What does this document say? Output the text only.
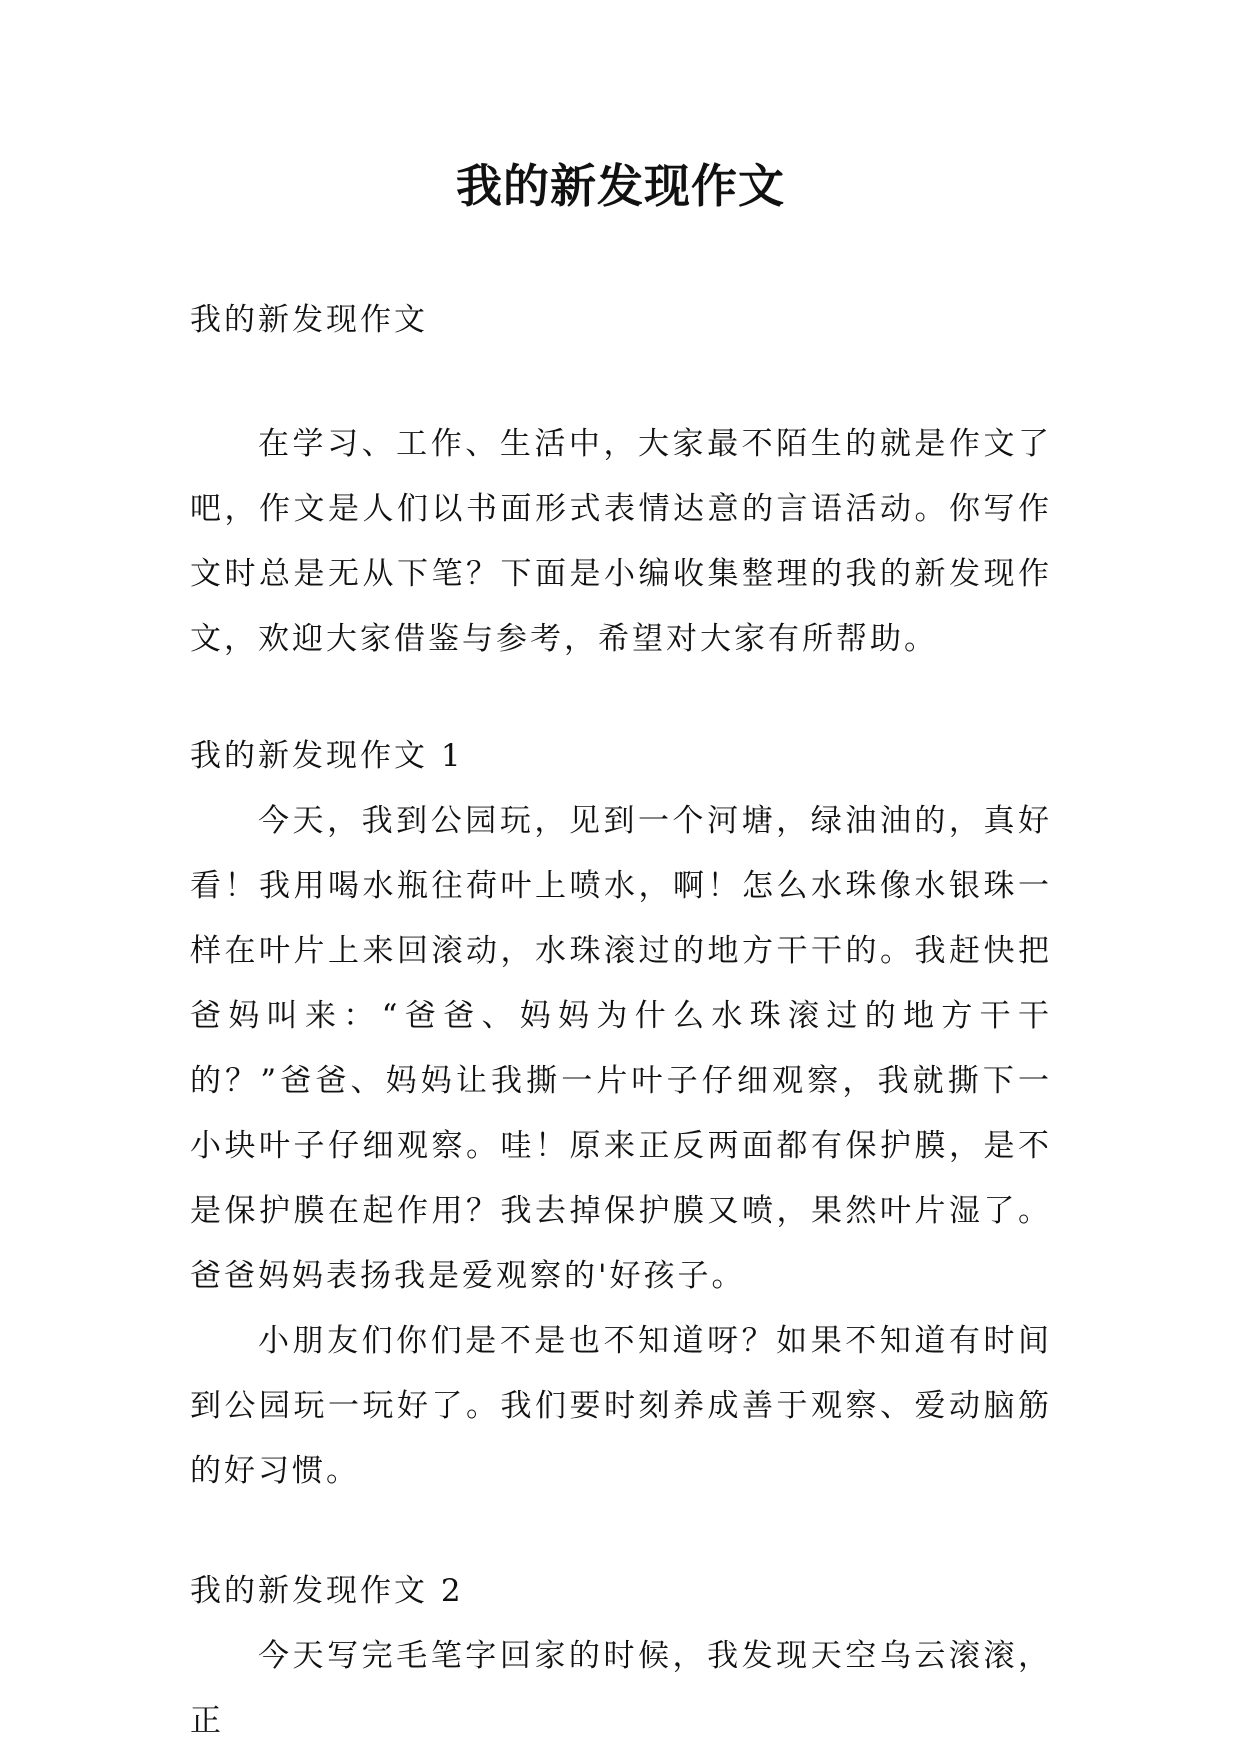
我的新发现作文

我的新发现作文

在学习、工作、生活中，大家最不陌生的就是作文了吧，作文是人们以书面形式表情达意的言语活动。你写作文时总是无从下笔？下面是小编收集整理的我的新发现作文，欢迎大家借鉴与参考，希望对大家有所帮助。

我的新发现作文 1

今天，我到公园玩，见到一个河塘，绿油油的，真好看！我用喝水瓶往荷叶上喷水，啊！怎么水珠像水银珠一样在叶片上来回滚动，水珠滚过的地方干干的。我赶快把爸妈叫来：“爸爸、妈妈为什么水珠滚过的地方干干的？”爸爸、妈妈让我撕一片叶子仔细观察，我就撕下一小块叶子仔细观察。哇！原来正反两面都有保护膜，是不是保护膜在起作用？我去掉保护膜又喷，果然叶片湿了。爸爸妈妈表扬我是爱观察的'好孩子。

小朋友们你们是不是也不知道呀？如果不知道有时间到公园玩一玩好了。我们要时刻养成善于观察、爱动脑筋的好习惯。

我的新发现作文 2

今天写完毛笔字回家的时候，我发现天空乌云滚滚，正
